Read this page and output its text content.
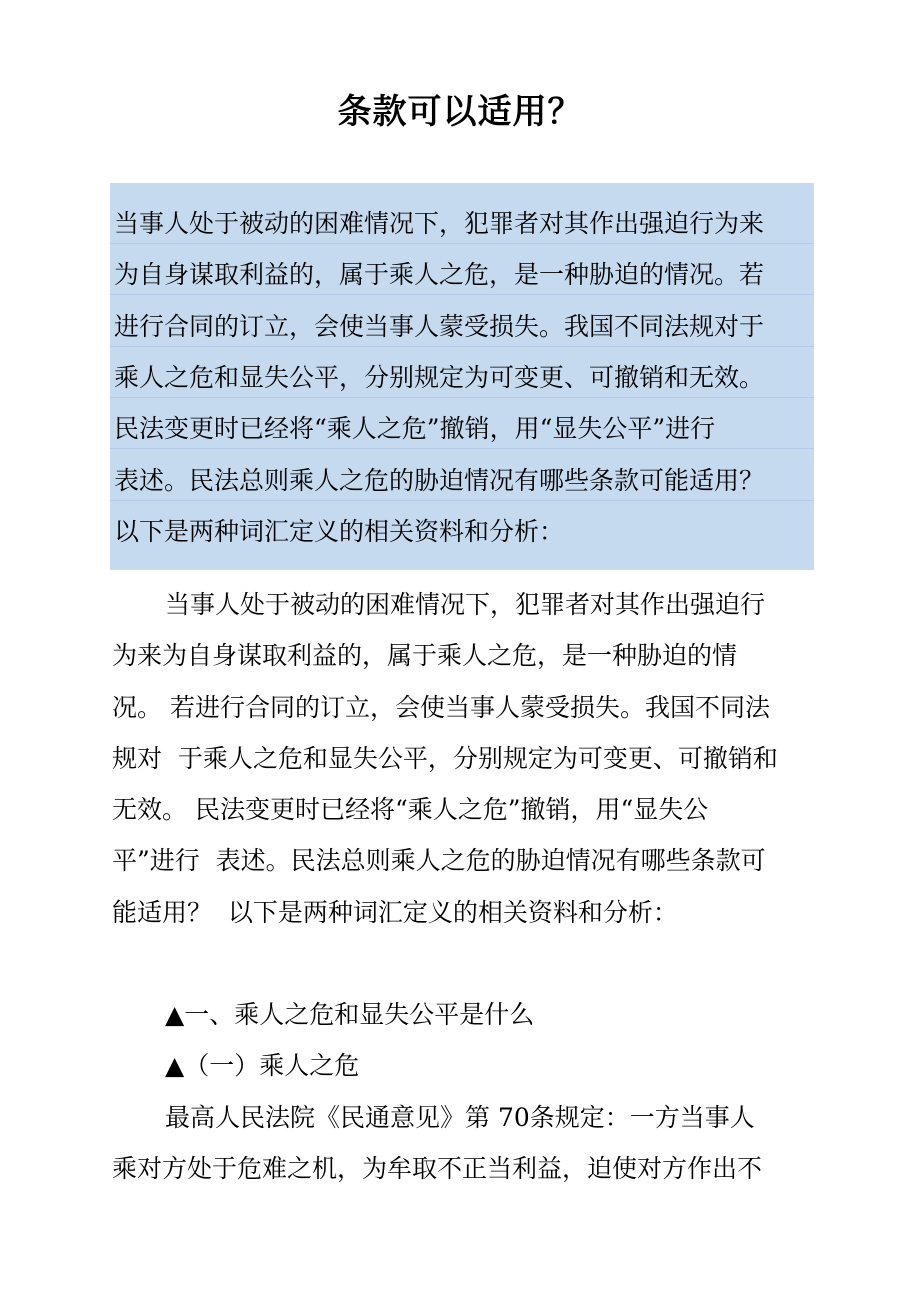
条款可以适用？
当事人处于被动的困难情况下，犯罪者对其作出强迫行为来
为自身谋取利益的，属于乘人之危，是一种胁迫的情况。若
进行合同的订立，会使当事人蒙受损失。我国不同法规对于
乘人之危和显失公平，分别规定为可变更、可撤销和无效。
民法变更时已经将“乘人之危”撤销，用“显失公平”进行
表述。民法总则乘人之危的胁迫情况有哪些条款可能适用？
以下是两种词汇定义的相关资料和分析：
当事人处于被动的困难情况下，犯罪者对其作出强迫行
为来为自身谋取利益的，属于乘人之危，是一种胁迫的情
况。 若进行合同的订立，会使当事人蒙受损失。我国不同法
规对  于乘人之危和显失公平，分别规定为可变更、可撤销和
无效。 民法变更时已经将“乘人之危”撤销，用“显失公
平”进行  表述。民法总则乘人之危的胁迫情况有哪些条款可
能适用？  以下是两种词汇定义的相关资料和分析：
▲一、乘人之危和显失公平是什么
▲（一）乘人之危
最高人民法院《民通意见》第 70条规定：一方当事人
乘对方处于危难之机，为牟取不正当利益，迫使对方作出不
